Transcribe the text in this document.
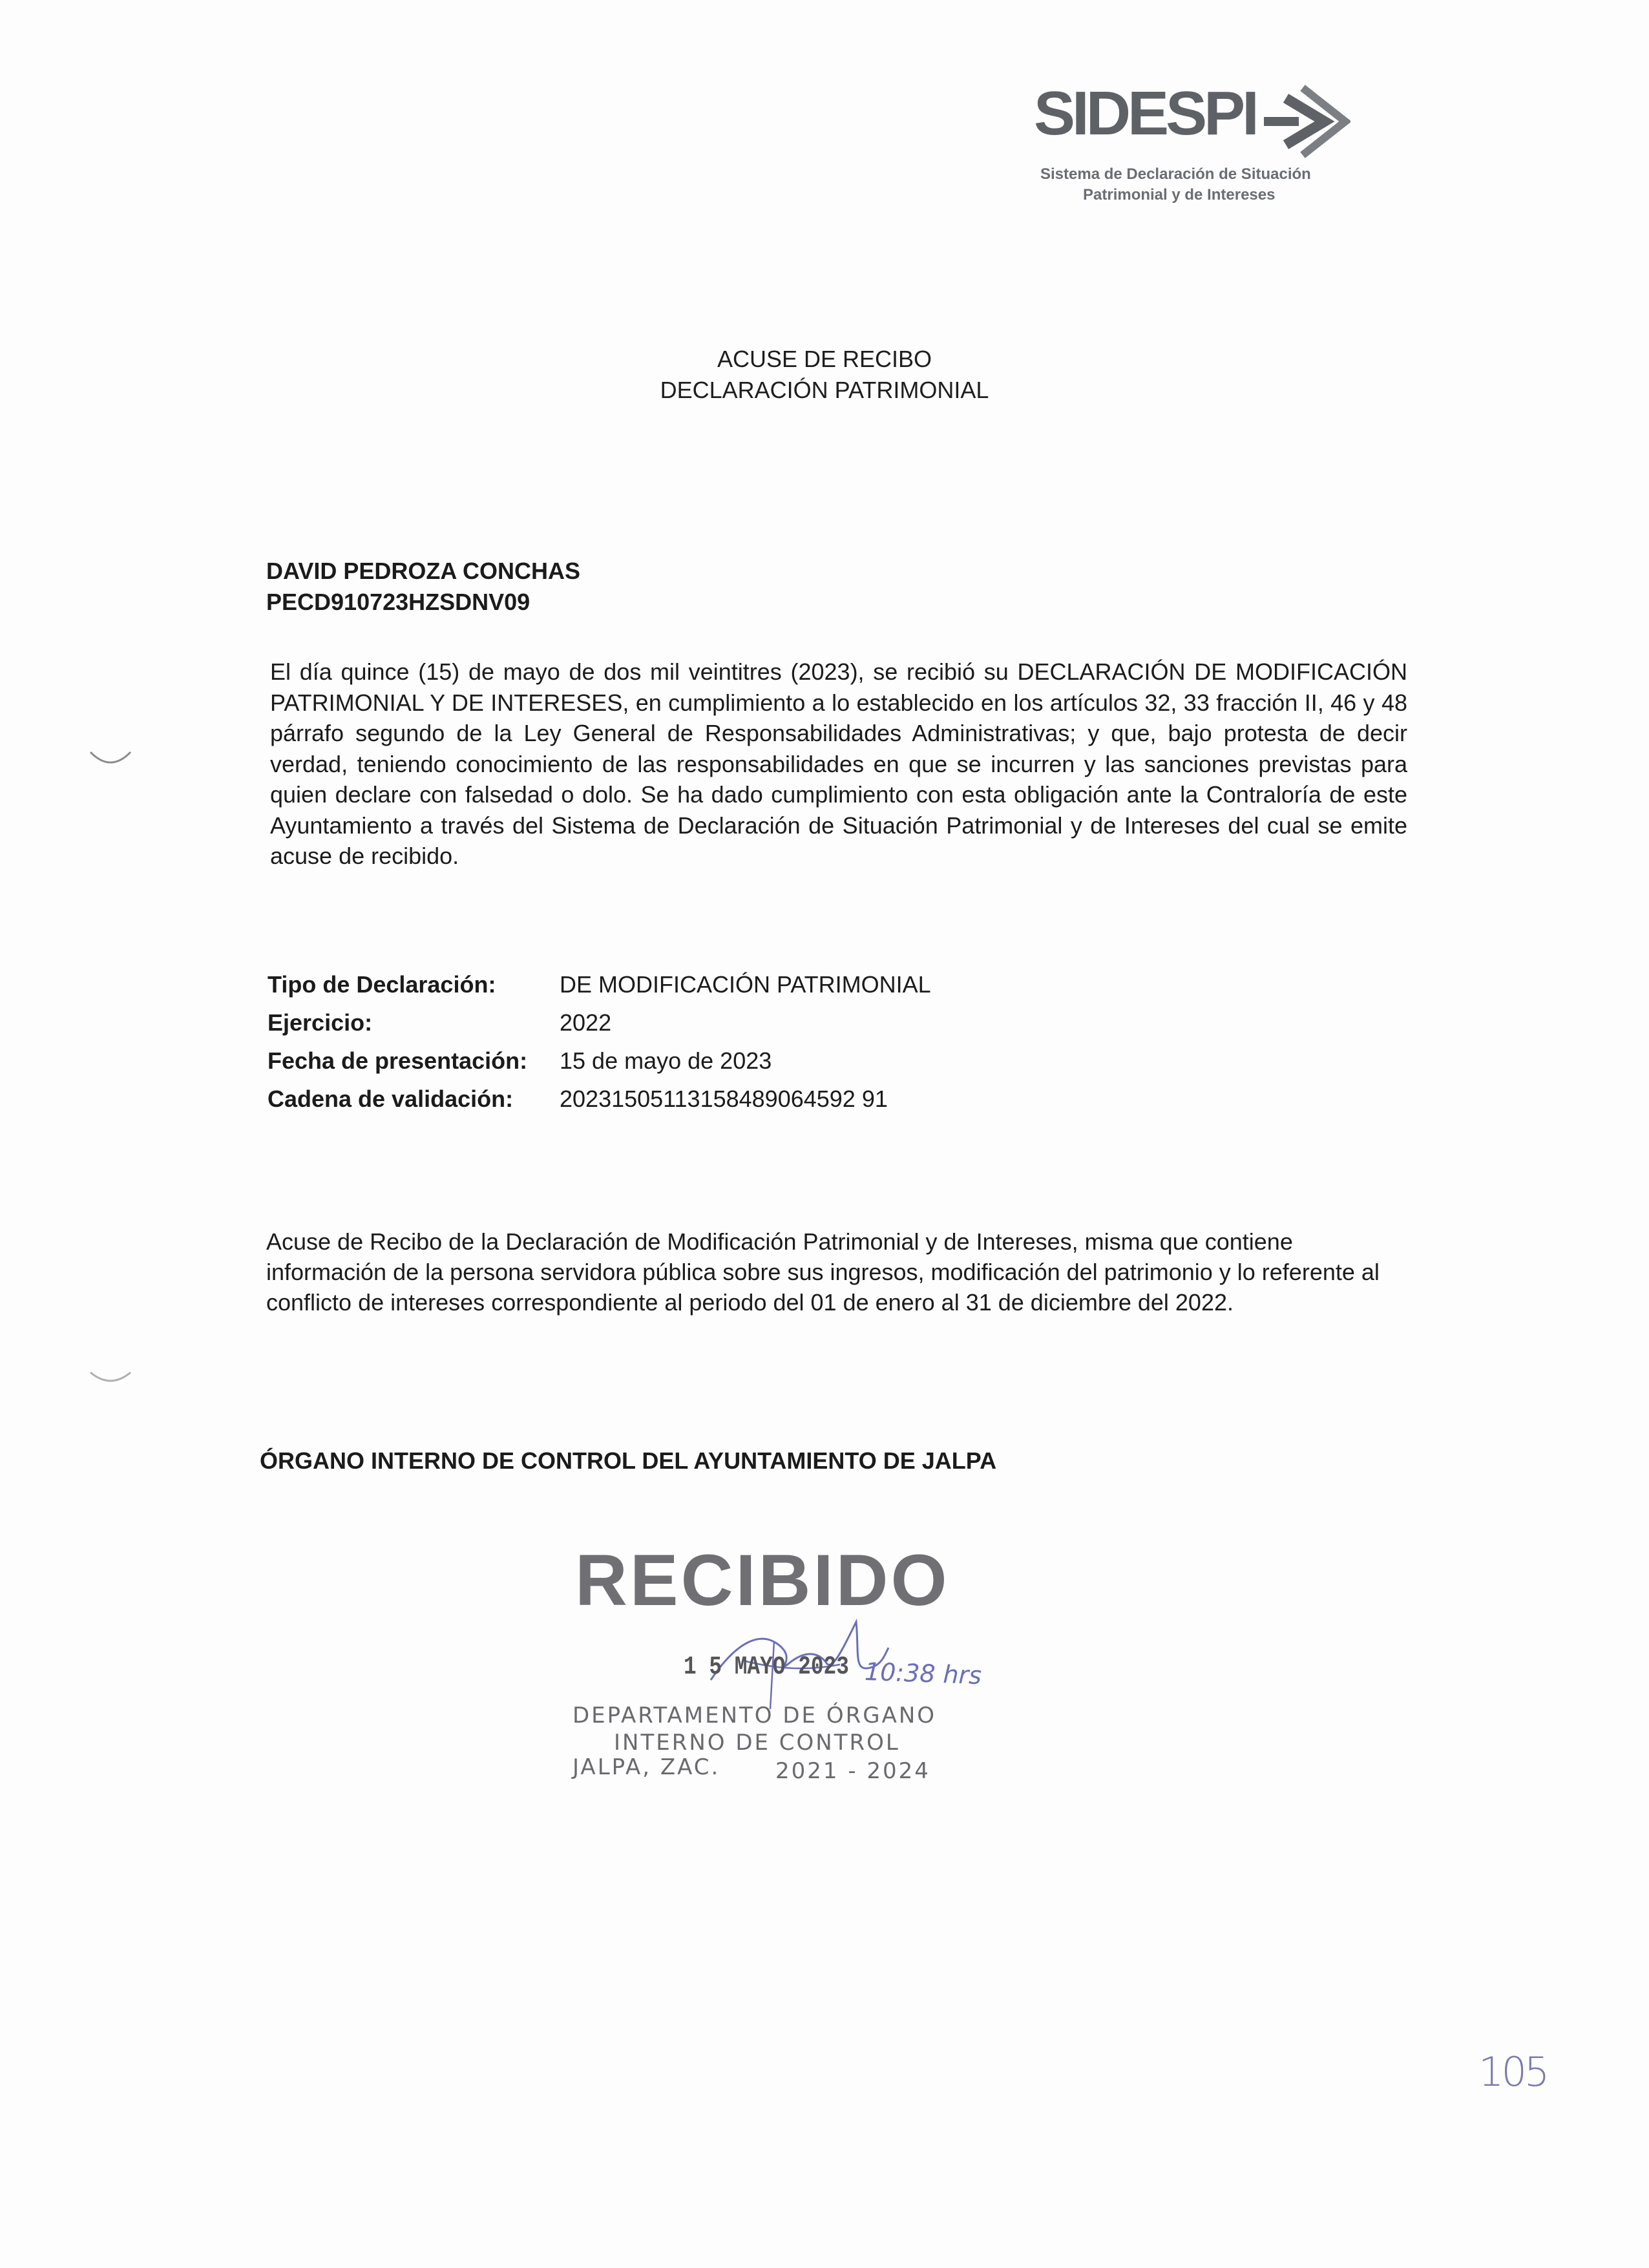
SIDESPI
Sistema de Declaración de Situación
Patrimonial y de Intereses
ACUSE DE RECIBO
DECLARACIÓN PATRIMONIAL
DAVID PEDROZA CONCHAS
PECD910723HZSDNV09
El día quince (15) de mayo de dos mil veintitres (2023), se recibió su DECLARACIÓN DE MODIFICACIÓN PATRIMONIAL Y DE INTERESES, en cumplimiento a lo establecido en los artículos 32, 33 fracción II, 46 y 48 párrafo segundo de la Ley General de Responsabilidades Administrativas; y que, bajo protesta de decir verdad, teniendo conocimiento de las responsabilidades en que se incurren y las sanciones previstas para quien declare con falsedad o dolo. Se ha dado cumplimiento con esta obligación ante la Contraloría de este Ayuntamiento a través del Sistema de Declaración de Situación Patrimonial y de Intereses del cual se emite acuse de recibido.
Tipo de Declaración:	DE MODIFICACIÓN PATRIMONIAL
Ejercicio:	2022
Fecha de presentación: 15 de mayo de 2023
Cadena de validación: 20231505113158489064592 91
Acuse de Recibo de la Declaración de Modificación Patrimonial y de Intereses, misma que contiene información de la persona servidora pública sobre sus ingresos, modificación del patrimonio y lo referente al conflicto de intereses correspondiente al periodo del 01 de enero al 31 de diciembre del 2022.
ÓRGANO INTERNO DE CONTROL DEL AYUNTAMIENTO DE JALPA
RECIBIDO
1 5 MAYO 2023 10:38 hrs
DEPARTAMENTO DE ÓRGANO
INTERNO DE CONTROL
JALPA, ZAC.	2021 - 2024
105
